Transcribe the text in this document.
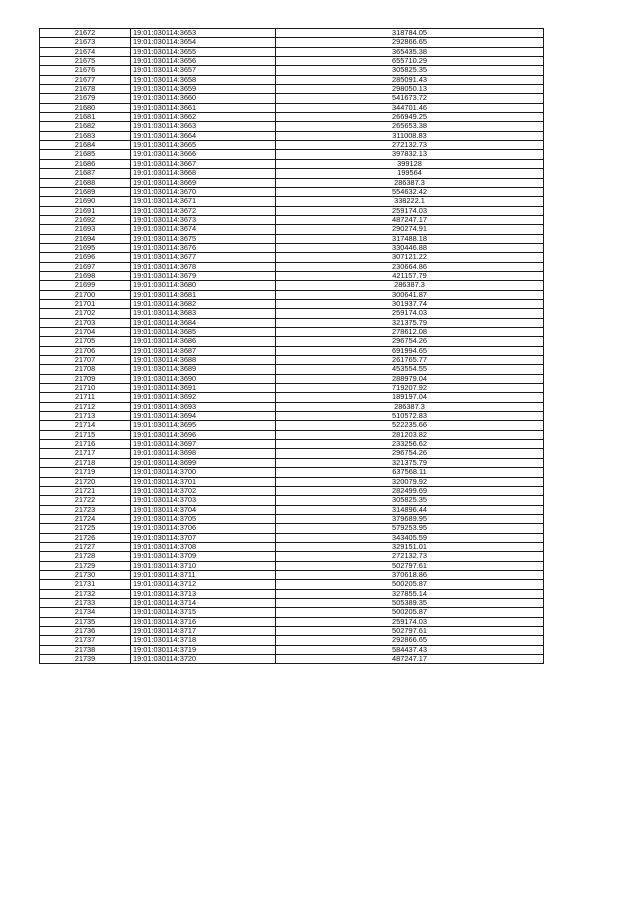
21672	19:01:030114:3653	318784.05
21673	19:01:030114:3654	292866.65
21674	19:01:030114:3655	365435.38
21675	19:01:030114:3656	655710.29
21676	19:01:030114:3657	305825.35
21677	19:01:030114:3658	285091.43
21678	19:01:030114:3659	298050.13
21679	19:01:030114:3660	541673.72
21680	19:01:030114:3661	344701.46
21681	19:01:030114:3662	266949.25
21682	19:01:030114:3663	265653.38
21683	19:01:030114:3664	311008.83
21684	19:01:030114:3665	272132.73
21685	19:01:030114:3666	397832.13
21686	19:01:030114:3667	399128
21687	19:01:030114:3668	199564
21688	19:01:030114:3669	286387.3
21689	19:01:030114:3670	554632.42
21690	19:01:030114:3671	338222.1
21691	19:01:030114:3672	259174.03
21692	19:01:030114:3673	487247.17
21693	19:01:030114:3674	290274.91
21694	19:01:030114:3675	317488.18
21695	19:01:030114:3676	330446.88
21696	19:01:030114:3677	307121.22
21697	19:01:030114:3678	230664.86
21698	19:01:030114:3679	421157.79
21699	19:01:030114:3680	286387.3
21700	19:01:030114:3681	300641.87
21701	19:01:030114:3682	301937.74
21702	19:01:030114:3683	259174.03
21703	19:01:030114:3684	321375.79
21704	19:01:030114:3685	278612.08
21705	19:01:030114:3686	296754.26
21706	19:01:030114:3687	691994.65
21707	19:01:030114:3688	261765.77
21708	19:01:030114:3689	453554.55
21709	19:01:030114:3690	288979.04
21710	19:01:030114:3691	719207.92
21711	19:01:030114:3692	189197.04
21712	19:01:030114:3693	286387.3
21713	19:01:030114:3694	510572.83
21714	19:01:030114:3695	522235.66
21715	19:01:030114:3696	281203.82
21716	19:01:030114:3697	233256.62
21717	19:01:030114:3698	296754.26
21718	19:01:030114:3699	321375.79
21719	19:01:030114:3700	637568.11
21720	19:01:030114:3701	320079.92
21721	19:01:030114:3702	282499.69
21722	19:01:030114:3703	305825.35
21723	19:01:030114:3704	314896.44
21724	19:01:030114:3705	379689.95
21725	19:01:030114:3706	579253.95
21726	19:01:030114:3707	343405.59
21727	19:01:030114:3708	329151.01
21728	19:01:030114:3709	272132.73
21729	19:01:030114:3710	502797.61
21730	19:01:030114:3711	370618.86
21731	19:01:030114:3712	500205.87
21732	19:01:030114:3713	327855.14
21733	19:01:030114:3714	505389.35
21734	19:01:030114:3715	500205.87
21735	19:01:030114:3716	259174.03
21736	19:01:030114:3717	502797.61
21737	19:01:030114:3718	292866.65
21738	19:01:030114:3719	584437.43
21739	19:01:030114:3720	487247.17
